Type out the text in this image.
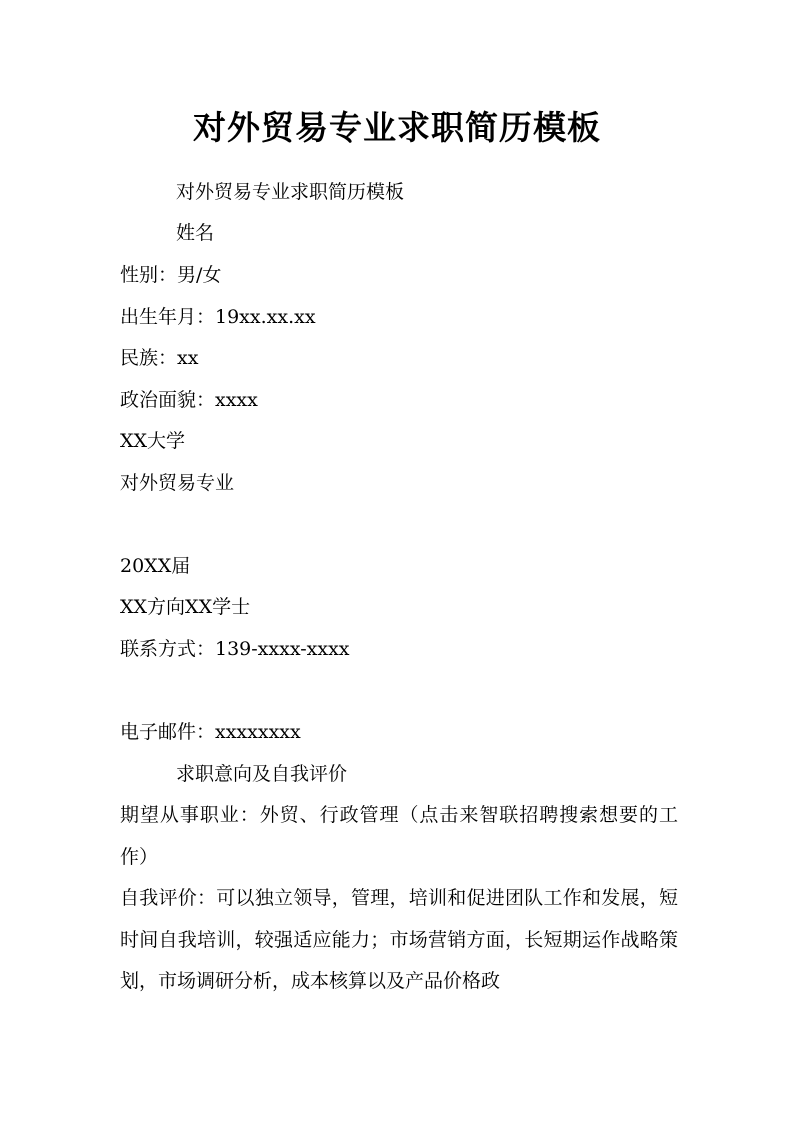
对外贸易专业求职简历模板
对外贸易专业求职简历模板
姓名
性别：男/女
出生年月：19xx.xx.xx
民族：xx
政治面貌：xxxx
XX大学
对外贸易专业
20XX届
XX方向XX学士
联系方式：139-xxxx-xxxx
电子邮件：xxxxxxxx
求职意向及自我评价
期望从事职业：外贸、行政管理（点击来智联招聘搜索想要的工作）
自我评价：可以独立领导，管理，培训和促进团队工作和发展，短时间自我培训，较强适应能力；市场营销方面，长短期运作战略策划，市场调研分析，成本核算以及产品价格政
